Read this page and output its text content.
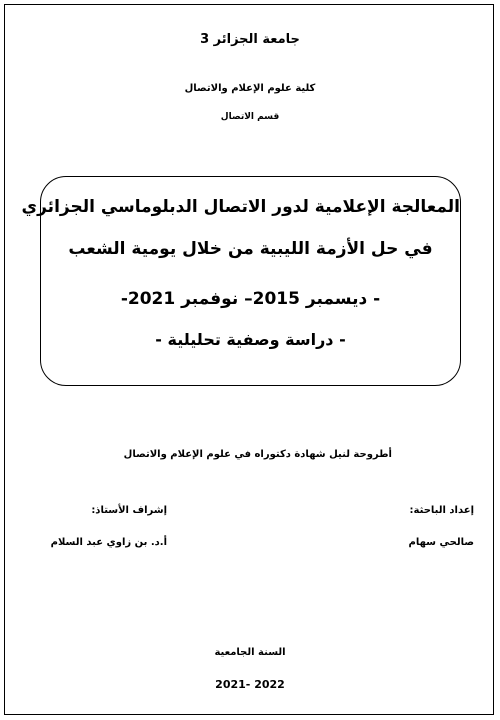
جامعة الجزائر 3
كلية علوم الإعلام والاتصال
قسم الاتصال
المعالجة الإعلامية لدور الاتصال الدبلوماسي الجزائري
في حل الأزمة الليبية من خلال يومية الشعب
- ديسمبر 2015– نوفمبر 2021-
- دراسة وصفية تحليلية -
أطروحة لنيل شهادة دكتوراه في علوم الإعلام والاتصال
إعداد الباحثة:
صالحي سهام
إشراف الأستاذ:
أ.د. بن زاوي عبد السلام
السنة الجامعية
2022 -2021
